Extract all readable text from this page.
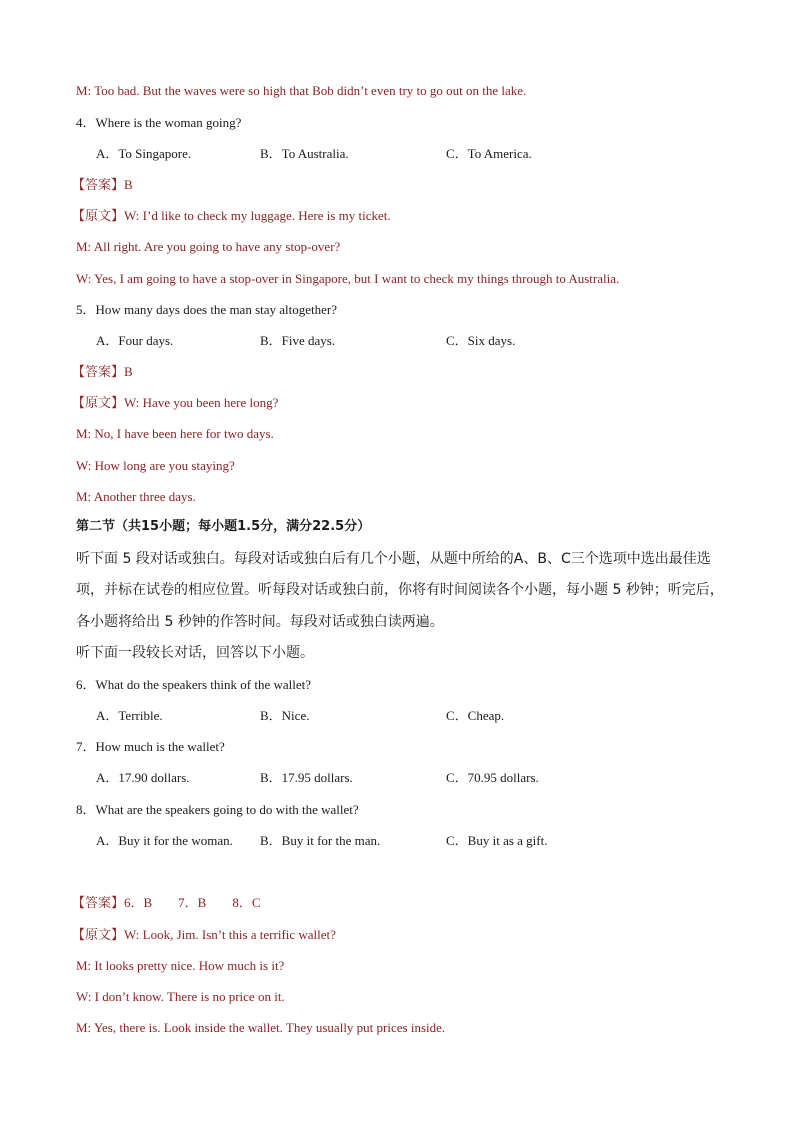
M: Too bad. But the waves were so high that Bob didn’t even try to go out on the lake.
4．Where is the woman going?
A．To Singapore.	B．To Australia.	C．To America.
【答案】B
【原文】W: I’d like to check my luggage. Here is my ticket.
M: All right. Are you going to have any stop-over?
W: Yes, I am going to have a stop-over in Singapore, but I want to check my things through to Australia.
5．How many days does the man stay altogether?
A．Four days.	B．Five days.	C．Six days.
【答案】B
【原文】W: Have you been here long?
M: No, I have been here for two days.
W: How long are you staying?
M: Another three days.
第二节（共15小题；每小题1.5分，满分22.5分）
听下面 5 段对话或独白。每段对话或独白后有几个小题，从题中所给的A、B、C三个选项中选出最佳选
项，并标在试卷的相应位置。听每段对话或独白前，你将有时间阅读各个小题，每小题 5 秒钟；听完后，
各小题将给出 5 秒钟的作答时间。每段对话或独白读两遍。
听下面一段较长对话，回答以下小题。
6．What do the speakers think of the wallet?
A．Terrible.	B．Nice.	C．Cheap.
7．How much is the wallet?
A．17.90 dollars.	B．17.95 dollars.	C．70.95 dollars.
8．What are the speakers going to do with the wallet?
A．Buy it for the woman. B．Buy it for the man.	C．Buy it as a gift.
【答案】6．B　　7．B　　8．C
【原文】W: Look, Jim. Isn’t this a terrific wallet?
M: It looks pretty nice. How much is it?
W: I don’t know. There is no price on it.
M: Yes, there is. Look inside the wallet. They usually put prices inside.
